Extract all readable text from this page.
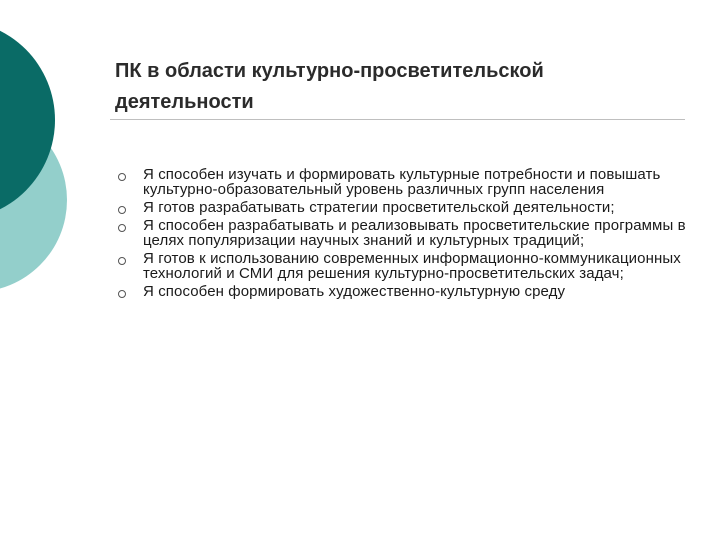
ПК в области культурно-просветительской деятельности
Я способен изучать и формировать культурные потребности и повышать культурно-образовательный уровень различных групп населения
Я готов разрабатывать стратегии просветительской деятельности;
Я способен разрабатывать и реализовывать просветительские программы в целях популяризации научных знаний и культурных традиций;
Я готов к использованию современных информационно-коммуникационных технологий и СМИ для решения культурно-просветительских задач;
Я способен формировать художественно-культурную среду
